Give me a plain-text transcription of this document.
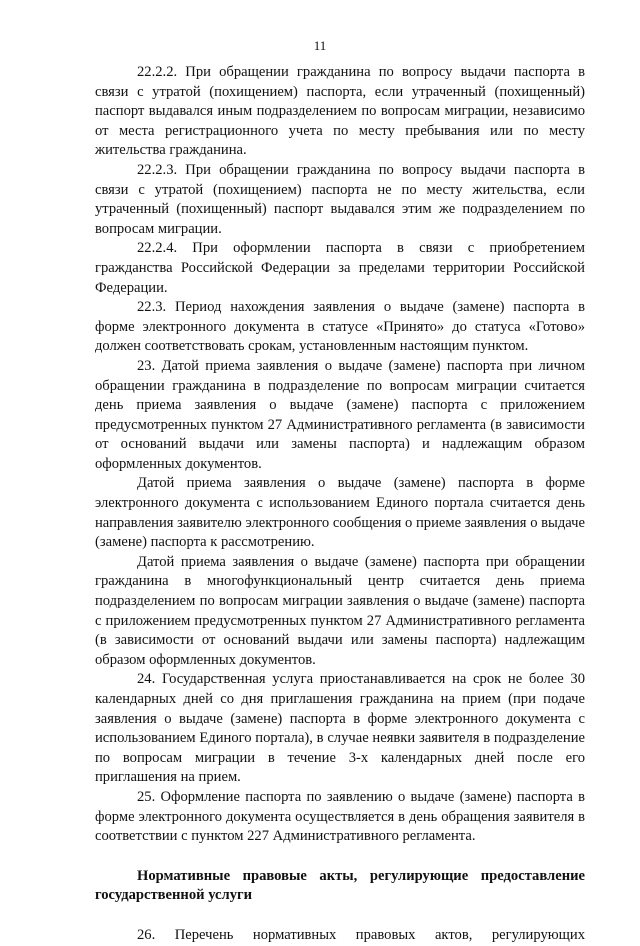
11

22.2.2. При обращении гражданина по вопросу выдачи паспорта в связи с утратой (похищением) паспорта, если утраченный (похищенный) паспорт выдавался иным подразделением по вопросам миграции, независимо от места регистрационного учета по месту пребывания или по месту жительства гражданина.

22.2.3. При обращении гражданина по вопросу выдачи паспорта в связи с утратой (похищением) паспорта не по месту жительства, если утраченный (похищенный) паспорт выдавался этим же подразделением по вопросам миграции.

22.2.4. При оформлении паспорта в связи с приобретением гражданства Российской Федерации за пределами территории Российской Федерации.

22.3. Период нахождения заявления о выдаче (замене) паспорта в форме электронного документа в статусе «Принято» до статуса «Готово» должен соответствовать срокам, установленным настоящим пунктом.

23. Датой приема заявления о выдаче (замене) паспорта при личном обращении гражданина в подразделение по вопросам миграции считается день приема заявления о выдаче (замене) паспорта с приложением предусмотренных пунктом 27 Административного регламента (в зависимости от оснований выдачи или замены паспорта) и надлежащим образом оформленных документов.

Датой приема заявления о выдаче (замене) паспорта в форме электронного документа с использованием Единого портала считается день направления заявителю электронного сообщения о приеме заявления о выдаче (замене) паспорта к рассмотрению.

Датой приема заявления о выдаче (замене) паспорта при обращении гражданина в многофункциональный центр считается день приема подразделением по вопросам миграции заявления о выдаче (замене) паспорта с приложением предусмотренных пунктом 27 Административного регламента (в зависимости от оснований выдачи или замены паспорта) надлежащим образом оформленных документов.

24. Государственная услуга приостанавливается на срок не более 30 календарных дней со дня приглашения гражданина на прием (при подаче заявления о выдаче (замене) паспорта в форме электронного документа с использованием Единого портала), в случае неявки заявителя в подразделение по вопросам миграции в течение 3-х календарных дней после его приглашения на прием.

25. Оформление паспорта по заявлению о выдаче (замене) паспорта в форме электронного документа осуществляется в день обращения заявителя в соответствии с пунктом 227 Административного регламента.

Нормативные правовые акты, регулирующие предоставление государственной услуги

26. Перечень нормативных правовых актов, регулирующих
